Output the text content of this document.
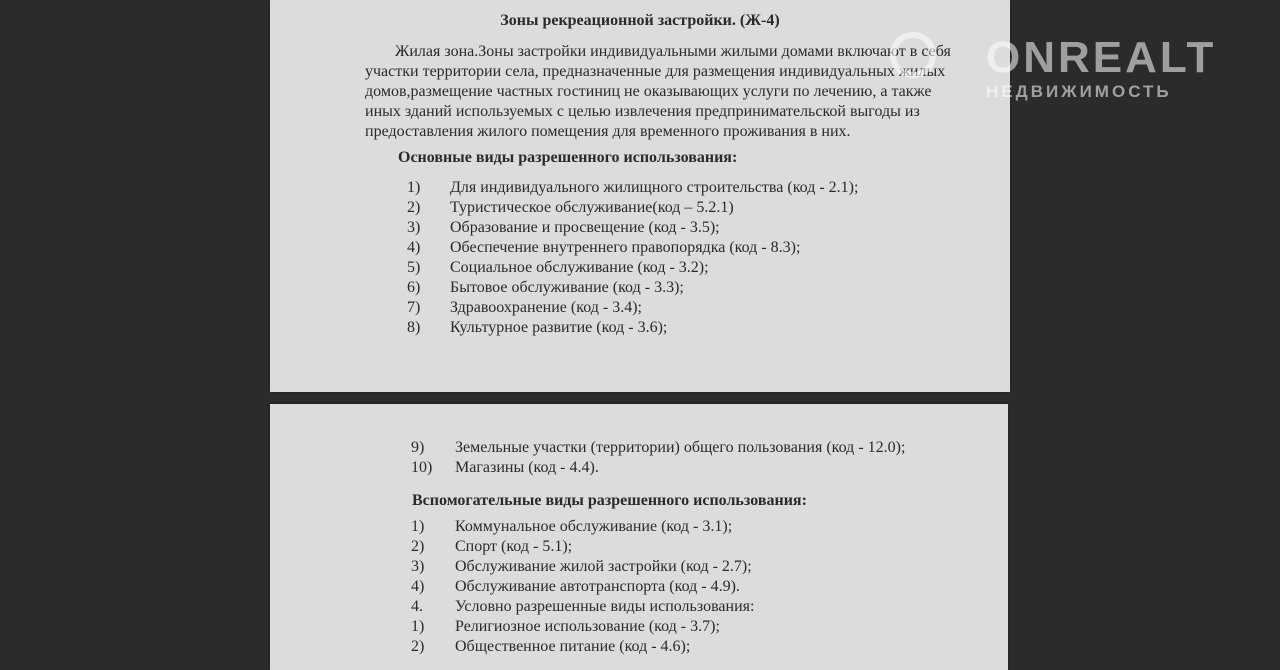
Зоны рекреационной застройки. (Ж-4)
Жилая зона.Зоны застройки индивидуальными жилыми домами включают в себя участки территории села, предназначенные для размещения индивидуальных жилых домов,размещение частных гостиниц не оказывающих услуги по лечению, а также иных зданий используемых с целью извлечения предпринимательской выгоды из предоставления жилого помещения для временного проживания в них.
Основные виды разрешенного использования:
1) Для индивидуального жилищного строительства (код - 2.1);
2) Туристическое обслуживание(код – 5.2.1)
3) Образование и просвещение (код - 3.5);
4) Обеспечение внутреннего правопорядка (код - 8.3);
5) Социальное обслуживание (код - 3.2);
6) Бытовое обслуживание (код - 3.3);
7) Здравоохранение (код - 3.4);
8) Культурное развитие (код - 3.6);
9) Земельные участки (территории) общего пользования (код - 12.0);
10) Магазины (код - 4.4).
Вспомогательные виды разрешенного использования:
1) Коммунальное обслуживание (код - 3.1);
2) Спорт (код - 5.1);
3) Обслуживание жилой застройки (код - 2.7);
4) Обслуживание автотранспорта (код - 4.9).
4. Условно разрешенные виды использования:
1) Религиозное использование (код - 3.7);
2) Общественное питание (код - 4.6);
ONREALT
НЕДВИЖИМОСТЬ
